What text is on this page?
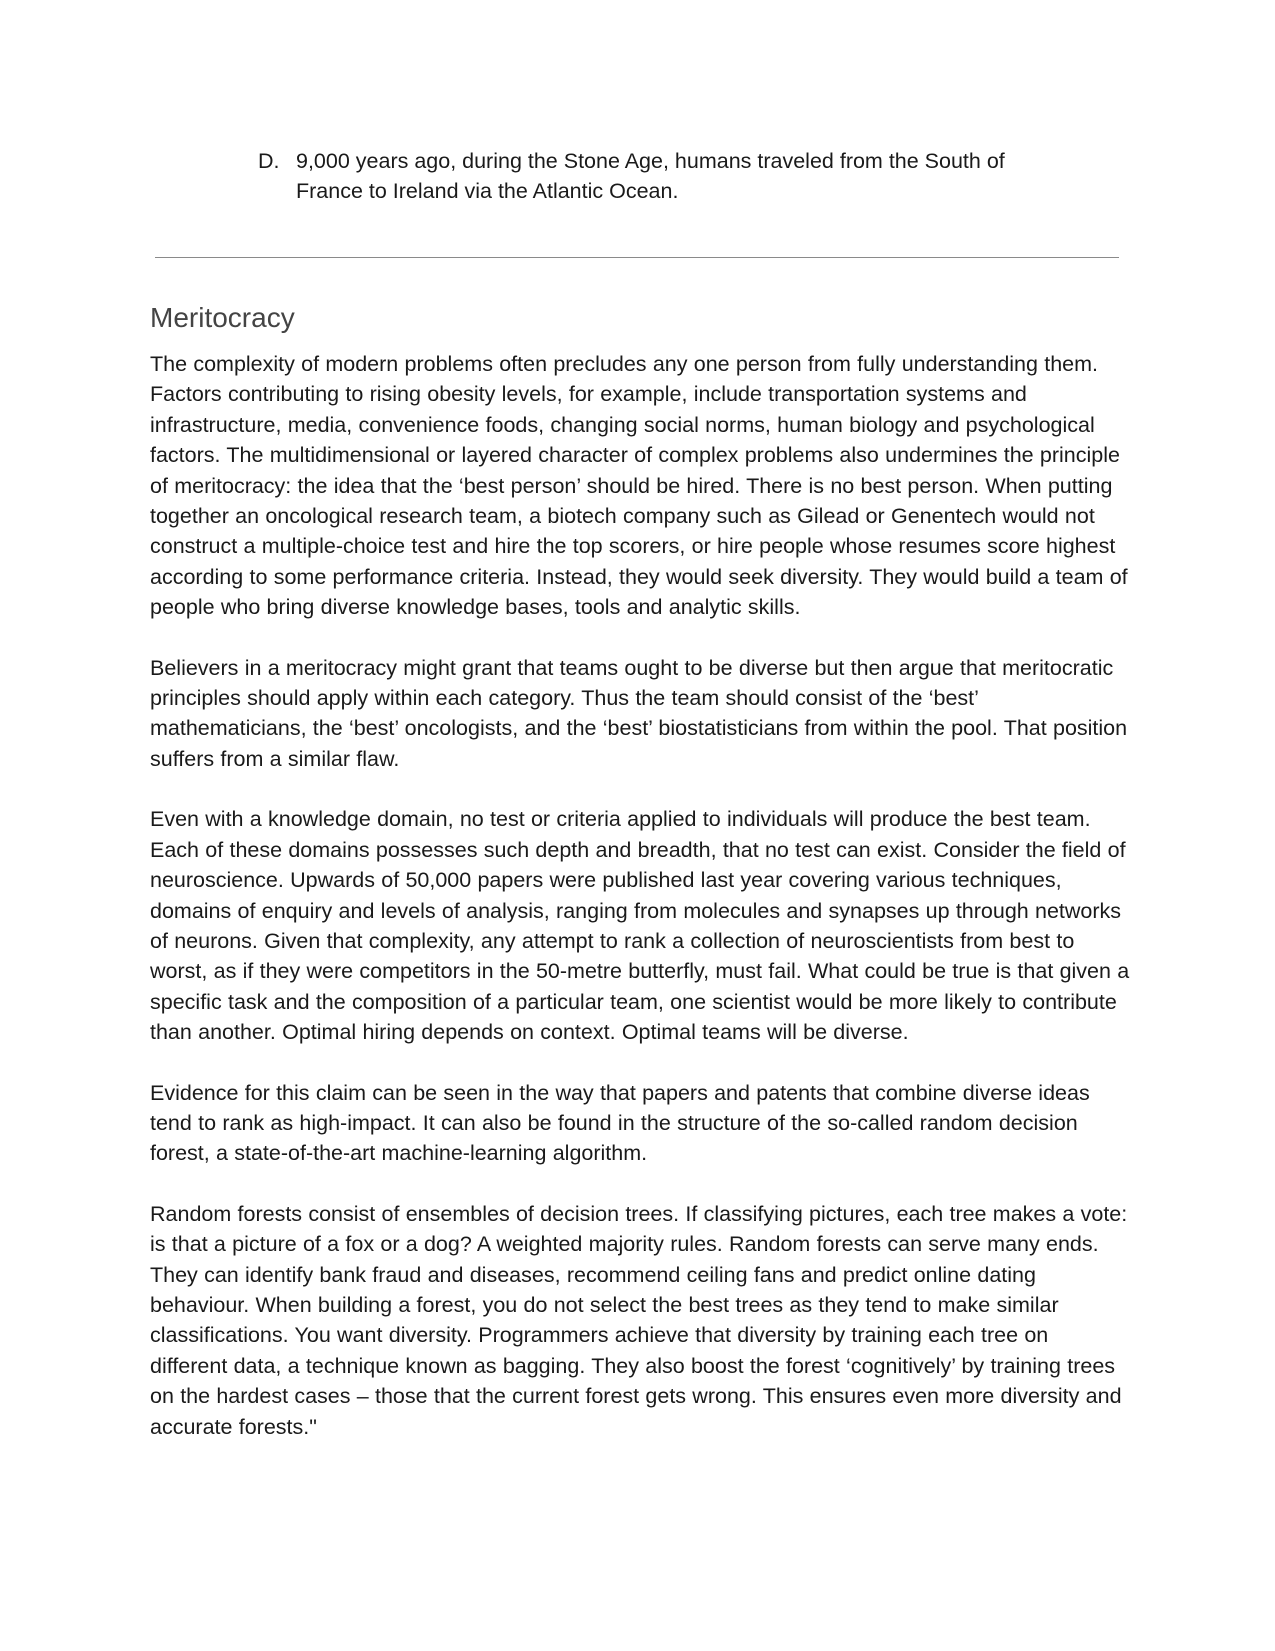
D. 9,000 years ago, during the Stone Age, humans traveled from the South of France to Ireland via the Atlantic Ocean.
Meritocracy

The complexity of modern problems often precludes any one person from fully understanding them. Factors contributing to rising obesity levels, for example, include transportation systems and infrastructure, media, convenience foods, changing social norms, human biology and psychological factors. The multidimensional or layered character of complex problems also undermines the principle of meritocracy: the idea that the ‘best person’ should be hired. There is no best person. When putting together an oncological research team, a biotech company such as Gilead or Genentech would not construct a multiple-choice test and hire the top scorers, or hire people whose resumes score highest according to some performance criteria. Instead, they would seek diversity. They would build a team of people who bring diverse knowledge bases, tools and analytic skills.

Believers in a meritocracy might grant that teams ought to be diverse but then argue that meritocratic principles should apply within each category. Thus the team should consist of the ‘best’ mathematicians, the ‘best’ oncologists, and the ‘best’ biostatisticians from within the pool. That position suffers from a similar flaw.

Even with a knowledge domain, no test or criteria applied to individuals will produce the best team. Each of these domains possesses such depth and breadth, that no test can exist. Consider the field of neuroscience. Upwards of 50,000 papers were published last year covering various techniques, domains of enquiry and levels of analysis, ranging from molecules and synapses up through networks of neurons. Given that complexity, any attempt to rank a collection of neuroscientists from best to worst, as if they were competitors in the 50-metre butterfly, must fail. What could be true is that given a specific task and the composition of a particular team, one scientist would be more likely to contribute than another. Optimal hiring depends on context. Optimal teams will be diverse.

Evidence for this claim can be seen in the way that papers and patents that combine diverse ideas tend to rank as high-impact. It can also be found in the structure of the so-called random decision forest, a state-of-the-art machine-learning algorithm.

Random forests consist of ensembles of decision trees. If classifying pictures, each tree makes a vote: is that a picture of a fox or a dog? A weighted majority rules. Random forests can serve many ends. They can identify bank fraud and diseases, recommend ceiling fans and predict online dating behaviour. When building a forest, you do not select the best trees as they tend to make similar classifications. You want diversity. Programmers achieve that diversity by training each tree on different data, a technique known as bagging. They also boost the forest ‘cognitively’ by training trees on the hardest cases – those that the current forest gets wrong. This ensures even more diversity and accurate forests."
